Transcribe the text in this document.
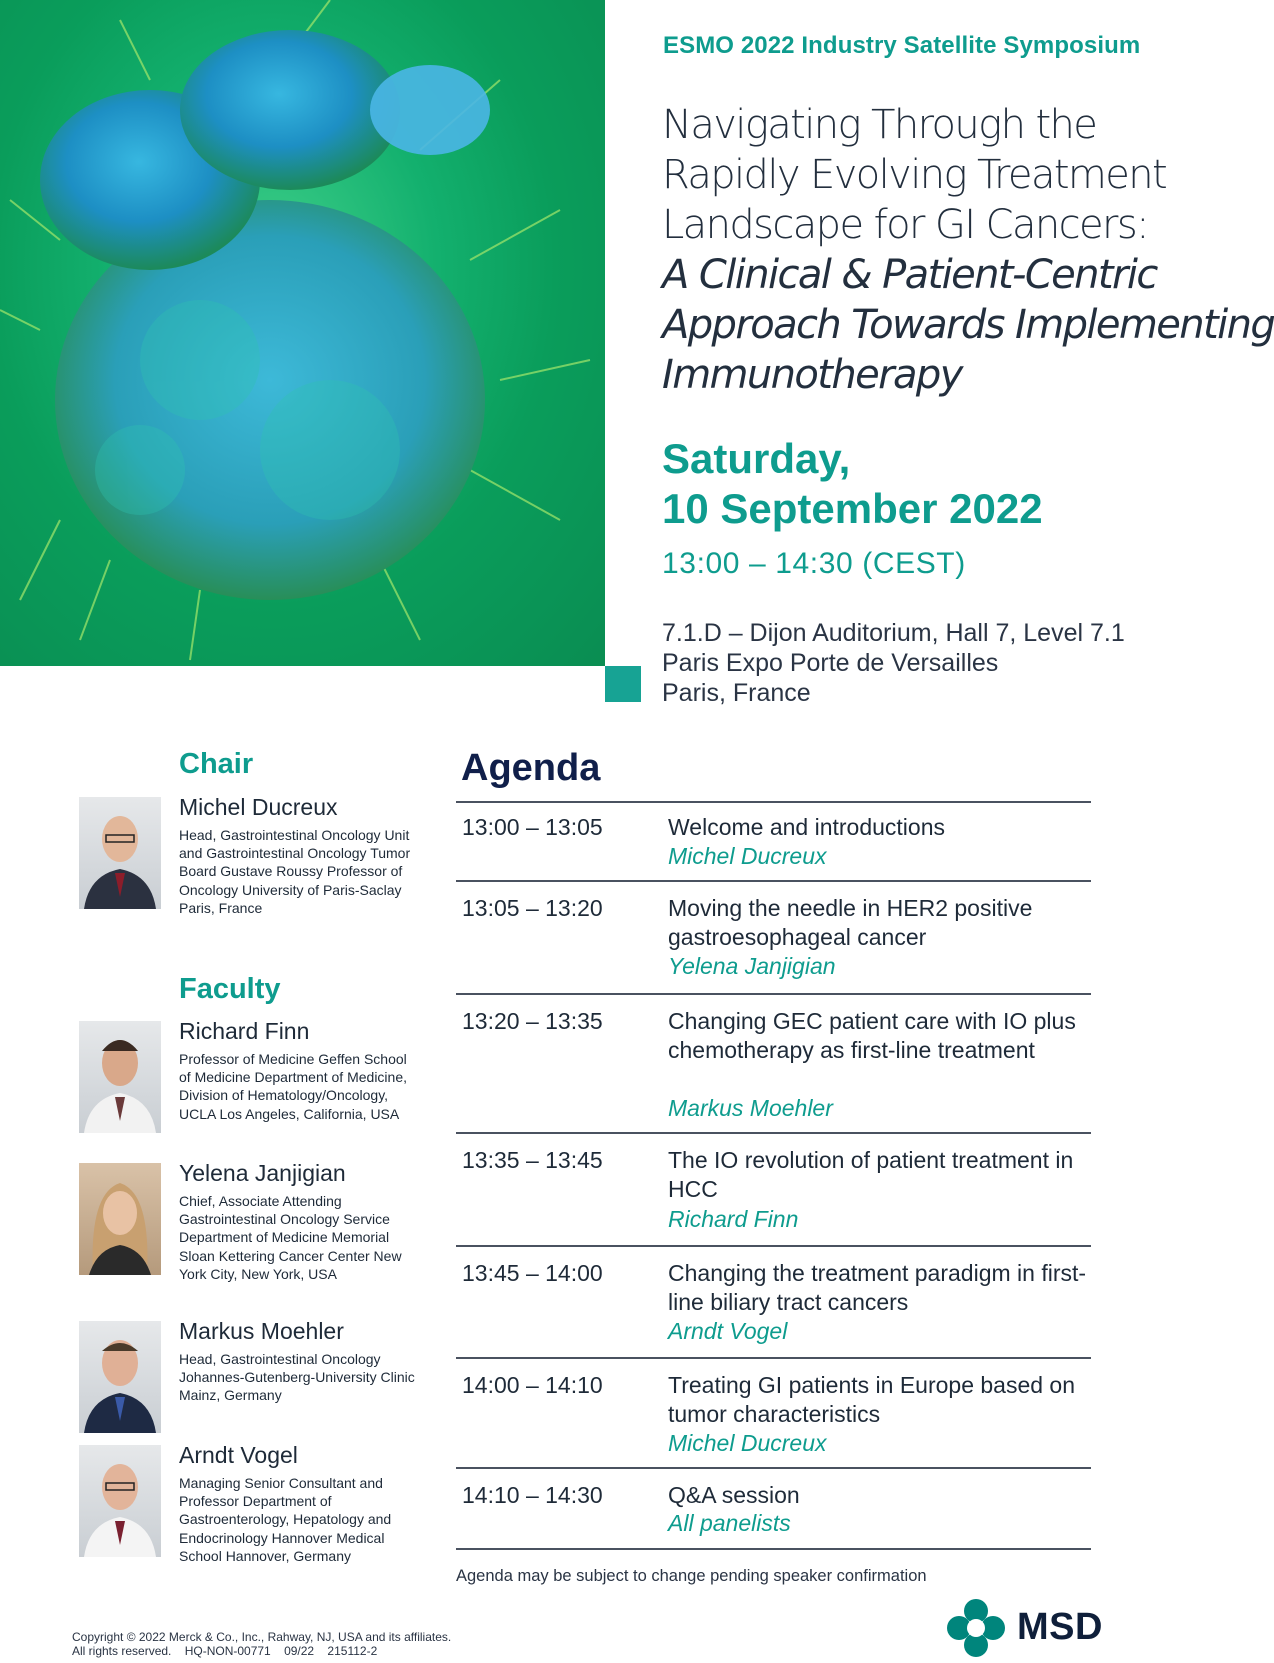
ESMO 2022 Industry Satellite Symposium
Navigating Through the
Rapidly Evolving Treatment
Landscape for GI Cancers:
A Clinical & Patient-Centric
Approach Towards Implementing
Immunotherapy
Saturday,
10 September 2022
13:00 – 14:30 (CEST)
7.1.D – Dijon Auditorium, Hall 7, Level 7.1
Paris Expo Porte de Versailles
Paris, France
Chair
Michel Ducreux
Head, Gastrointestinal Oncology Unit and Gastrointestinal Oncology Tumor Board Gustave Roussy Professor of Oncology University of Paris-Saclay Paris, France
Faculty
Richard Finn
Professor of Medicine Geffen School of Medicine Department of Medicine, Division of Hematology/Oncology, UCLA Los Angeles, California, USA
Yelena Janjigian
Chief, Associate Attending Gastrointestinal Oncology Service Department of Medicine Memorial Sloan Kettering Cancer Center New York City, New York, USA
Markus Moehler
Head, Gastrointestinal Oncology Johannes-Gutenberg-University Clinic Mainz, Germany
Arndt Vogel
Managing Senior Consultant and Professor Department of Gastroenterology, Hepatology and Endocrinology Hannover Medical School Hannover, Germany
Agenda
13:00 – 13:05	Welcome and introductions
Michel Ducreux
13:05 – 13:20	Moving the needle in HER2 positive gastroesophageal cancer
Yelena Janjigian
13:20 – 13:35	Changing GEC patient care with IO plus chemotherapy as first-line treatment
Markus Moehler
13:35 – 13:45	The IO revolution of patient treatment in HCC
Richard Finn
13:45 – 14:00	Changing the treatment paradigm in first-line biliary tract cancers
Arndt Vogel
14:00 – 14:10	Treating GI patients in Europe based on tumor characteristics
Michel Ducreux
14:10 – 14:30	Q&A session
All panelists
Agenda may be subject to change pending speaker confirmation
Copyright © 2022 Merck & Co., Inc., Rahway, NJ, USA and its affiliates.
All rights reserved.    HQ-NON-00771    09/22    215112-2
MSD
